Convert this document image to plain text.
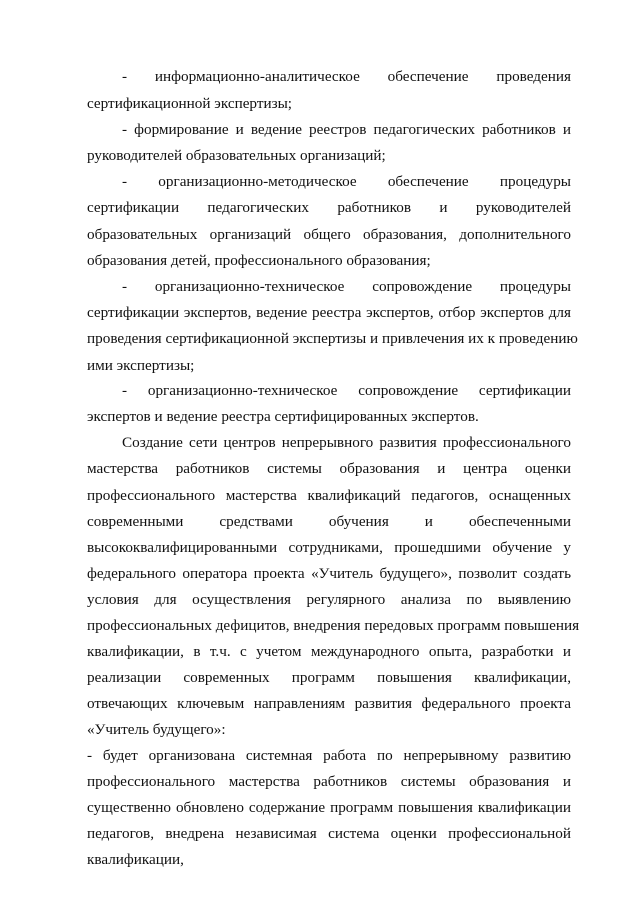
- информационно-аналитическое обеспечение проведения
сертификационной экспертизы;
- формирование и ведение реестров педагогических работников и
руководителей образовательных организаций;
- организационно-методическое обеспечение процедуры
сертификации педагогических работников и руководителей
образовательных организаций общего образования, дополнительного
образования детей, профессионального образования;
- организационно-техническое сопровождение процедуры
сертификации экспертов, ведение реестра экспертов, отбор экспертов для
проведения сертификационной экспертизы и привлечения их к проведению
ими экспертизы;
- организационно-техническое сопровождение сертификации
экспертов и ведение реестра сертифицированных экспертов.
Создание сети центров непрерывного развития профессионального
мастерства работников системы образования и центра оценки
профессионального мастерства квалификаций педагогов, оснащенных
современными средствами обучения и обеспеченными
высококвалифицированными сотрудниками, прошедшими обучение у
федерального оператора проекта «Учитель будущего», позволит создать
условия для осуществления регулярного анализа по выявлению
профессиональных дефицитов, внедрения передовых программ повышения
квалификации, в т.ч. с учетом международного опыта, разработки и
реализации современных программ повышения квалификации,
отвечающих ключевым направлениям развития федерального проекта
«Учитель будущего»:
- будет организована системная работа по непрерывному развитию
профессионального мастерства работников системы образования и
существенно обновлено содержание программ повышения квалификации
педагогов, внедрена независимая система оценки профессиональной
квалификации,
